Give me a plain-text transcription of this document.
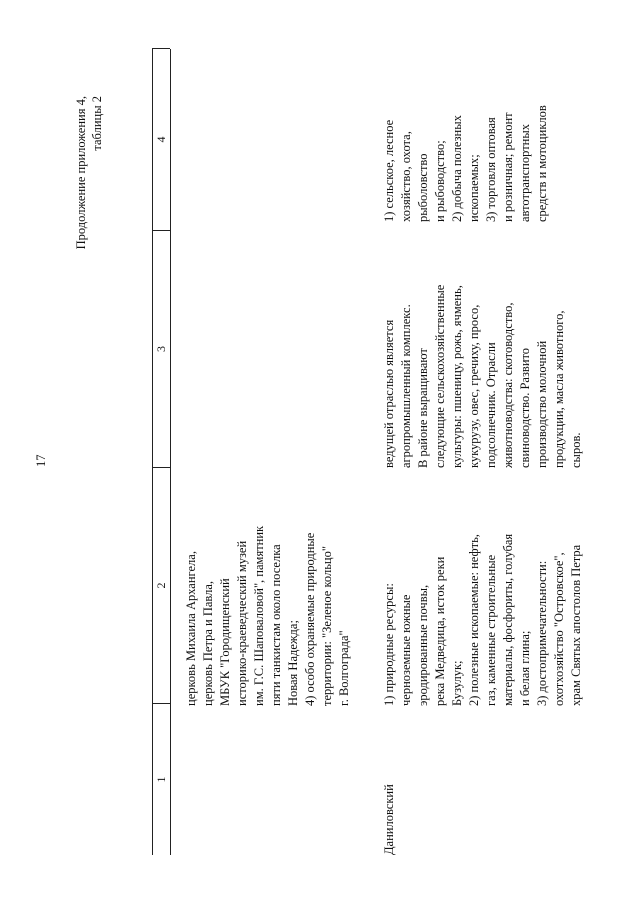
17
Продолжение приложения 4, таблицы 2
1
2
3
4
церковь Михаила Архангела, церковь Петра и Павла, МБУК "Городищенский историко-краеведческий музей им. Г.С. Шаповаловой", памятник пяти танкистам около поселка Новая Надежда; 4) особо охраняемые природные территории: "Зеленое кольцо" г. Волгограда"
Даниловский
1) природные ресурсы: черноземные южные эродированные почвы, река Медведица, исток реки Бузулук; 2) полезные ископаемые: нефть, газ, каменные строительные материалы, фосфориты, голубая и белая глина; 3) достопримечательности: охотхозяйство "Островское", храм Святых апостолов Петра
ведущей отраслью является агропромышленный комплекс. В районе выращивают следующие сельскохозяйственные культуры: пшеницу, рожь, ячмень, кукурузу, овес, гречиху, просо, подсолнечник. Отрасли животноводства: скотоводство, свиноводство. Развито производство молочной продукции, масла животного, сыров.
1) сельское, лесное хозяйство, охота, рыболовство и рыбоводство; 2) добыча полезных ископаемых; 3) торговля оптовая и розничная; ремонт автотранспортных средств и мотоциклов
